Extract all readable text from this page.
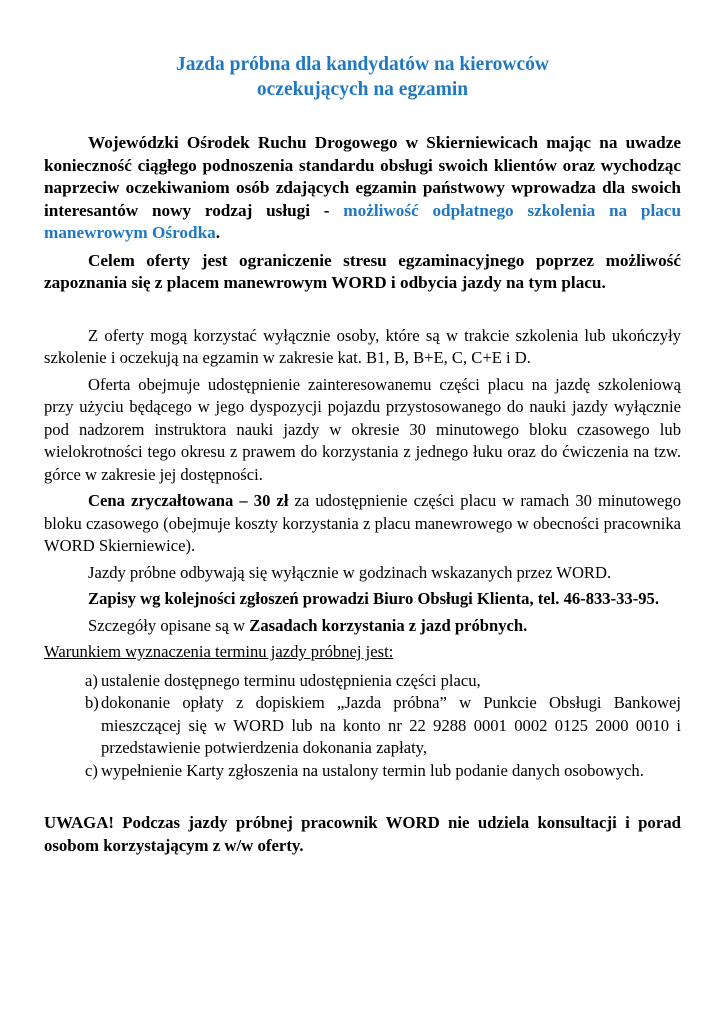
Jazda próbna dla kandydatów na kierowców
oczekujących na egzamin

Wojewódzki Ośrodek Ruchu Drogowego w Skierniewicach mając na uwadze konieczność ciągłego podnoszenia standardu obsługi swoich klientów oraz wychodząc naprzeciw oczekiwaniom osób zdających egzamin państwowy wprowadza dla swoich interesantów nowy rodzaj usługi - możliwość odpłatnego szkolenia na placu manewrowym Ośrodka.

Celem oferty jest ograniczenie stresu egzaminacyjnego poprzez możliwość zapoznania się z placem manewrowym WORD i odbycia jazdy na tym placu.

Z oferty mogą korzystać wyłącznie osoby, które są w trakcie szkolenia lub ukończyły szkolenie i oczekują na egzamin w zakresie kat. B1, B, B+E, C, C+E i D.

Oferta obejmuje udostępnienie zainteresowanemu części placu na jazdę szkoleniową przy użyciu będącego w jego dyspozycji pojazdu przystosowanego do nauki jazdy wyłącznie pod nadzorem instruktora nauki jazdy w okresie 30 minutowego bloku czasowego lub wielokrotności tego okresu z prawem do korzystania z jednego łuku oraz do ćwiczenia na tzw. górce w zakresie jej dostępności.

Cena zryczałtowana – 30 zł za udostępnienie części placu w ramach 30 minutowego bloku czasowego (obejmuje koszty korzystania z placu manewrowego w obecności pracownika WORD Skierniewice).

Jazdy próbne odbywają się wyłącznie w godzinach wskazanych przez WORD.

Zapisy wg kolejności zgłoszeń prowadzi Biuro Obsługi Klienta, tel. 46-833-33-95.

Szczegóły opisane są w Zasadach korzystania z jazd próbnych.

Warunkiem wyznaczenia terminu jazdy próbnej jest:

a) ustalenie dostępnego terminu udostępnienia części placu,
b) dokonanie opłaty z dopiskiem „Jazda próbna” w Punkcie Obsługi Bankowej mieszczącej się w WORD lub na konto nr 22 9288 0001 0002 0125 2000 0010 i przedstawienie potwierdzenia dokonania zapłaty,
c) wypełnienie Karty zgłoszenia na ustalony termin lub podanie danych osobowych.

UWAGA! Podczas jazdy próbnej pracownik WORD nie udziela konsultacji i porad osobom korzystającym z w/w oferty.
